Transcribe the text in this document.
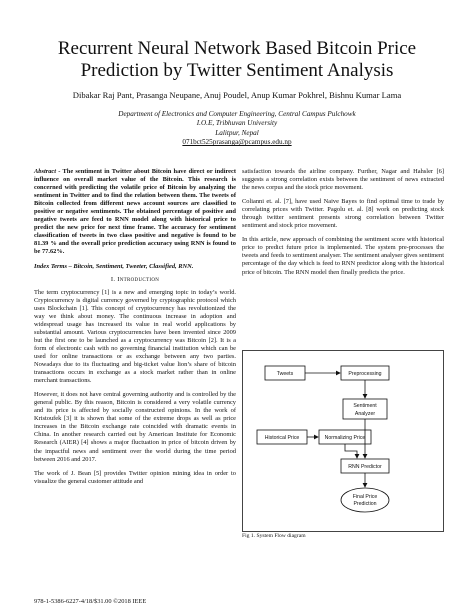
Recurrent Neural Network Based Bitcoin Price Prediction by Twitter Sentiment Analysis
Dibakar Raj Pant, Prasanga Neupane, Anuj Poudel, Anup Kumar Pokhrel, Bishnu Kumar Lama
Department of Electronics and Computer Engineering, Central Campus Pulchowk
I.O.E, Tribhuvan University
Lalitpur, Nepal
071bct525prasanga@pcampus.edu.np

Abstract - The sentiment in Twitter about Bitcoin have direct or indirect influence on overall market value of the Bitcoin. This research is concerned with predicting the volatile price of Bitcoin by analyzing the sentiment in Twitter and to find the relation between them. The tweets of Bitcoin collected from different news account sources are classified to positive or negative sentiments. The obtained percentage of positive and negative tweets are feed to RNN model along with historical price to predict the new price for next time frame. The accuracy for sentiment classification of tweets in two class positive and negative is found to be 81.39 % and the overall price prediction accuracy using RNN is found to be 77.62%.

Index Terms – Bitcoin, Sentiment, Tweeter, Classified, RNN.

I. Introduction

The term cryptocurrency [1] is a new and emerging topic in today’s world. Cryptocurrency is digital currency governed by cryptographic protocol which uses Blockchain [1]. This concept of cryptocurrency has revolutionized the way we think about money. The continuous increase in adoption and widespread usage has increased its value in real world applications by substantial amount. Various cryptocurrencies have been invented since 2009 but the first one to be launched as a cryptocurrency was Bitcoin [2]. It is a form of electronic cash with no governing financial institution which can be used for online transactions or as exchange between any two parties. Nowadays due to its fluctuating and big-ticket value lion’s share of bitcoin transactions occurs in exchange as a stock market rather than in online merchant transactions.

However, it does not have central governing authority and is controlled by the general public. By this reason, Bitcoin is considered a very volatile currency and its price is affected by socially constructed opinions. In the work of Kristoufek [3] it is shown that some of the extreme drops as well as price increases in the Bitcoin exchange rate coincided with dramatic events in China. In another research carried out by American Institute for Economic Research (AIER) [4] shows a major fluctuation in price of bitcoin driven by the impactful news and sentiment over the world during the time period between 2016 and 2017.

The work of J. Bean [5] provides Twitter opinion mining idea in order to visualize the general customer attitude and

satisfaction towards the airline company. Further, Nagar and Hahsler [6] suggests a strong correlation exists between the sentiment of news extracted the news corpus and the stock price movement.

Colianni et. al. [7], have used Naive Bayes to find optimal time to trade by correlating prices with Twitter. Pagolu et. al. [8] work on predicting stock through twitter sentiment presents strong correlation between Twitter sentiment and stock price movement.

In this article, new approach of combining the sentiment score with historical price to predict future price is implemented. The system pre-processes the tweets and feeds to sentiment analyser. The sentiment analyser gives sentiment percentage of the day which is feed to RNN predictor along with the historical price of bitcoin. The RNN model then finally predicts the price.

Tweets	Preprocessing
Sentiment
Analyzer
Historical Price	Normalizing Price
RNN Predictor
Final Price
Prediction
Fig 1. System Flow diagram
978-1-5386-6227-4/18/$31.00 ©2018 IEEE
